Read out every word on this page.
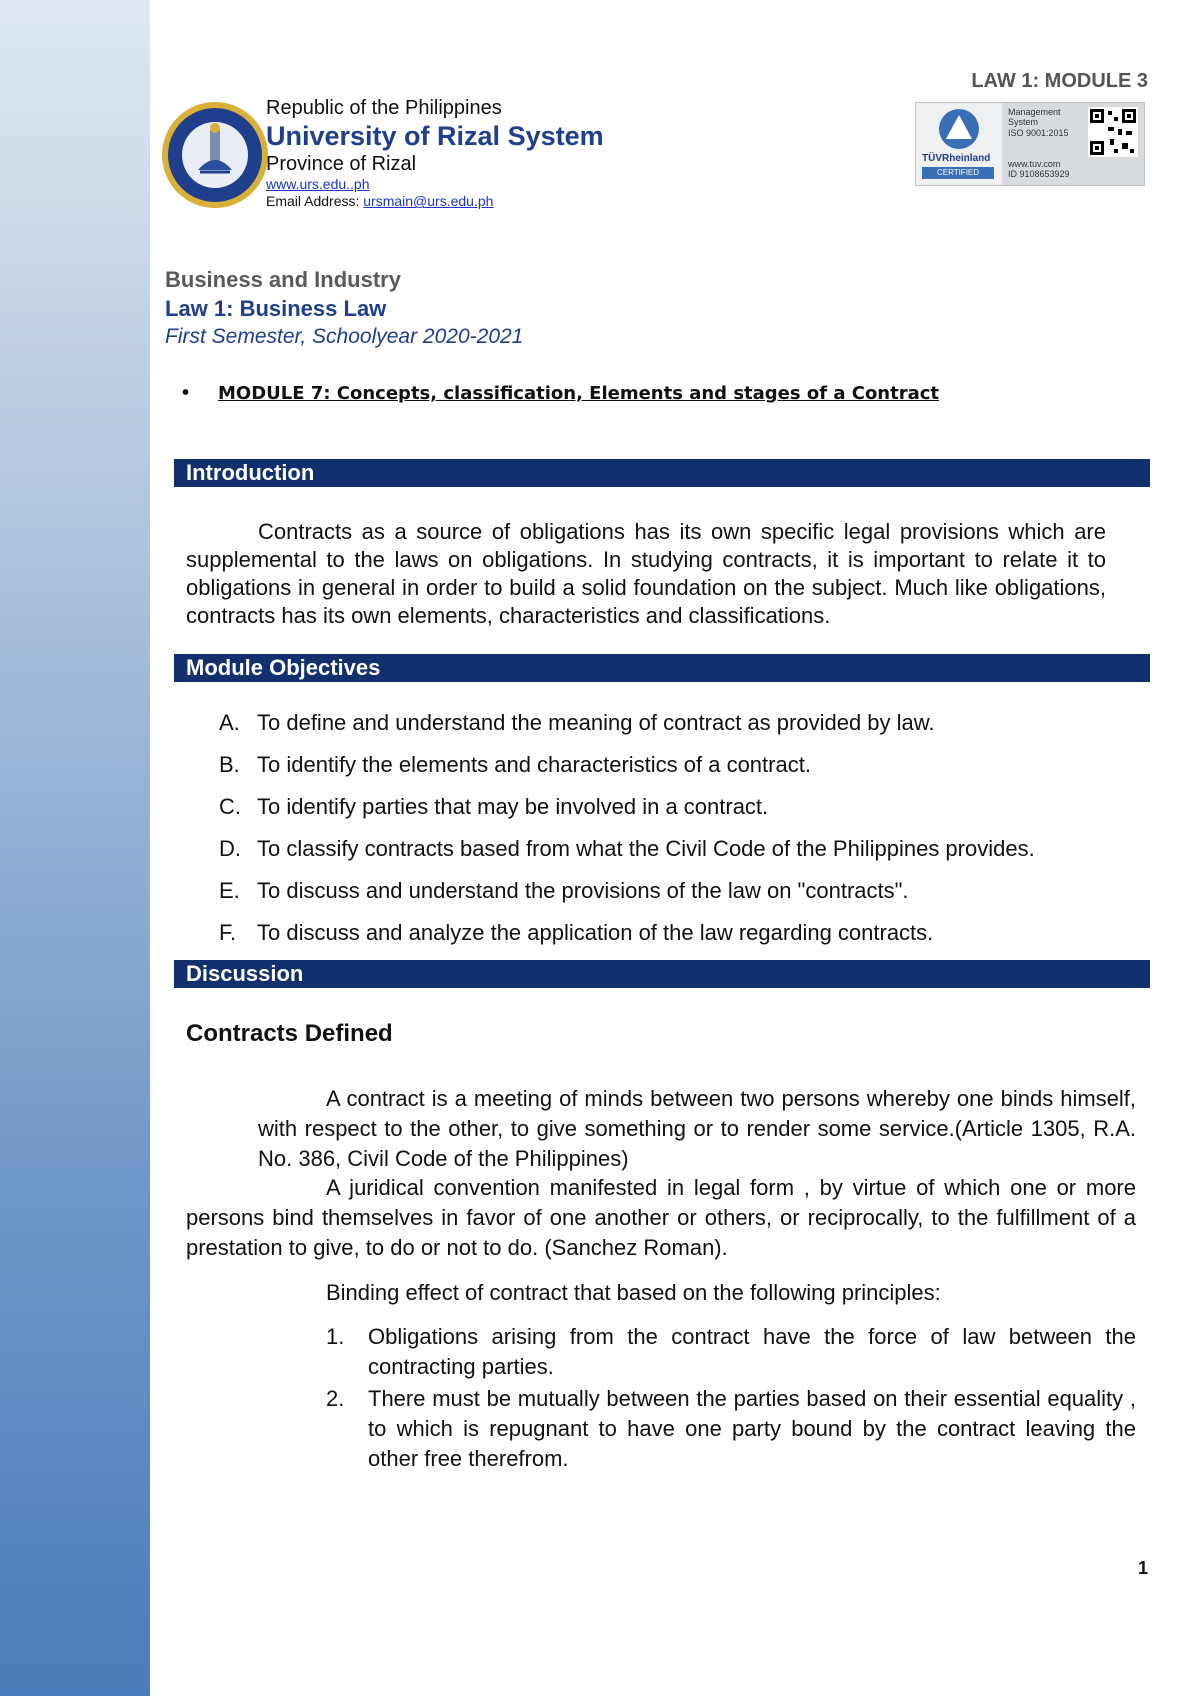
LAW 1: MODULE 3
Republic of the Philippines
University of Rizal System
Province of Rizal
www.urs.edu..ph
Email Address: ursmain@urs.edu.ph
TÜVRheinland
CERTIFIED
Management
System
ISO 9001:2015
www.tuv.com
ID 9108653929
Business and Industry
Law 1: Business Law
First Semester, Schoolyear 2020-2021
• MODULE 7: Concepts, classification, Elements and stages of a Contract
Introduction
Contracts as a source of obligations has its own specific legal provisions which are supplemental to the laws on obligations. In studying contracts, it is important to relate it to obligations in general in order to build a solid foundation on the subject. Much like obligations, contracts has its own elements, characteristics and classifications.
Module Objectives
A. To define and understand the meaning of contract as provided by law.
B. To identify the elements and characteristics of a contract.
C. To identify parties that may be involved in a contract.
D. To classify contracts based from what the Civil Code of the Philippines provides.
E. To discuss and understand the provisions of the law on "contracts".
F. To discuss and analyze the application of the law regarding contracts.
Discussion
Contracts Defined
A contract is a meeting of minds between two persons whereby one binds himself, with respect to the other, to give something or to render some service.(Article 1305, R.A. No. 386, Civil Code of the Philippines)
A juridical convention manifested in legal form , by virtue of which one or more persons bind themselves in favor of one another or others, or reciprocally, to the fulfillment of a prestation to give, to do or not to do. (Sanchez Roman).
Binding effect of contract that based on the following principles:
1.	Obligations arising from the contract have the force of law between the contracting parties.
2.	There must be mutually between the parties based on their essential equality , to which is repugnant to have one party bound by the contract leaving the other free therefrom.
1
